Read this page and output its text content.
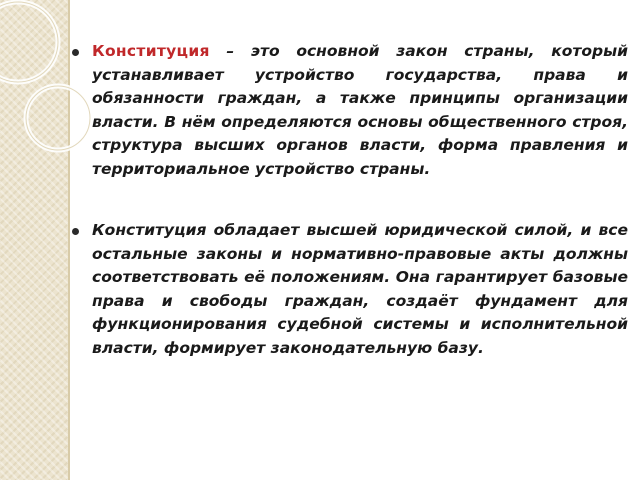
Конституция – это основной закон страны, который устанавливает устройство государства, права и обязанности граждан, а также принципы организации власти. В нём определяются основы общественного строя, структура высших органов власти, форма правления и территориальное устройство страны.

Конституция обладает высшей юридической силой, и все остальные законы и нормативно-правовые акты должны соответствовать её положениям. Она гарантирует базовые права и свободы граждан, создаёт фундамент для функционирования судебной системы и исполнительной власти, формирует законодательную базу.
